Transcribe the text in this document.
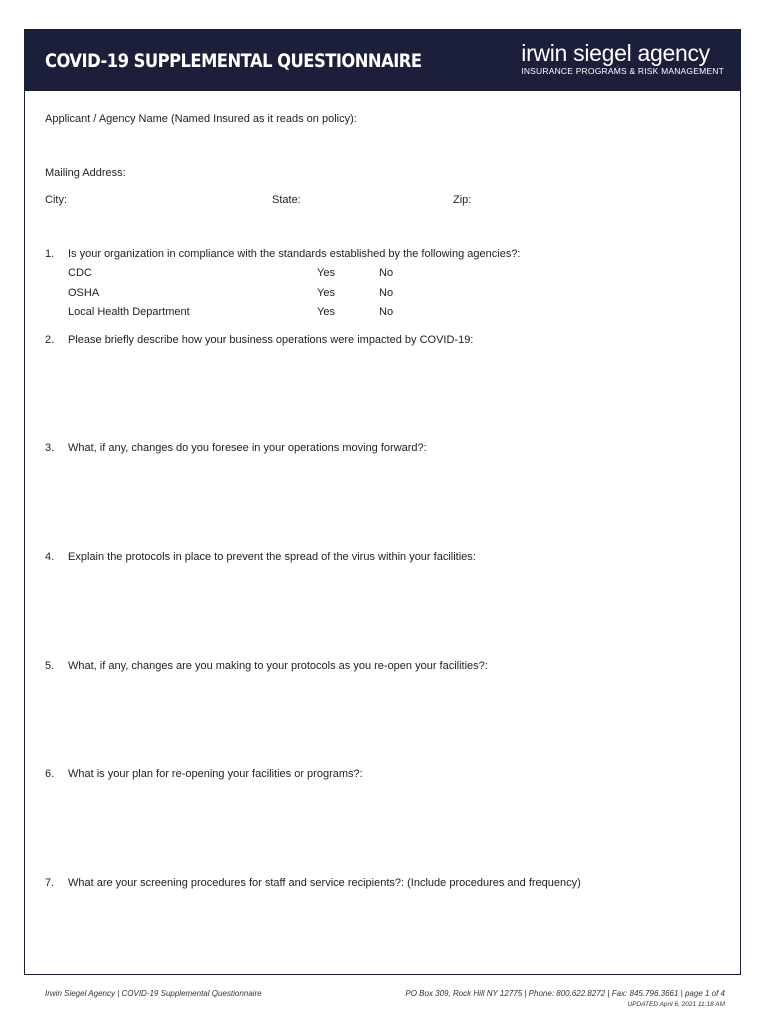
COVID-19 SUPPLEMENTAL QUESTIONNAIRE	irwin siegel agency
INSURANCE PROGRAMS & RISK MANAGEMENT
Applicant / Agency Name (Named Insured as it reads on policy):
Mailing Address:
City:	State:	Zip:
1. Is your organization in compliance with the standards established by the following agencies?:
CDC	Yes	No
OSHA	Yes	No
Local Health Department	Yes	No
2. Please briefly describe how your business operations were impacted by COVID-19:
3. What, if any, changes do you foresee in your operations moving forward?:
4. Explain the protocols in place to prevent the spread of the virus within your facilities:
5. What, if any, changes are you making to your protocols as you re-open your facilities?:
6. What is your plan for re-opening your facilities or programs?:
7. What are your screening procedures for staff and service recipients?: (Include procedures and frequency)
Irwin Siegel Agency | COVID-19 Supplemental Questionnaire	PO Box 309, Rock Hill NY 12775 | Phone: 800.622.8272 | Fax: 845.796.3661 | page 1 of 4
UPDATED April 6, 2021 11:18 AM
